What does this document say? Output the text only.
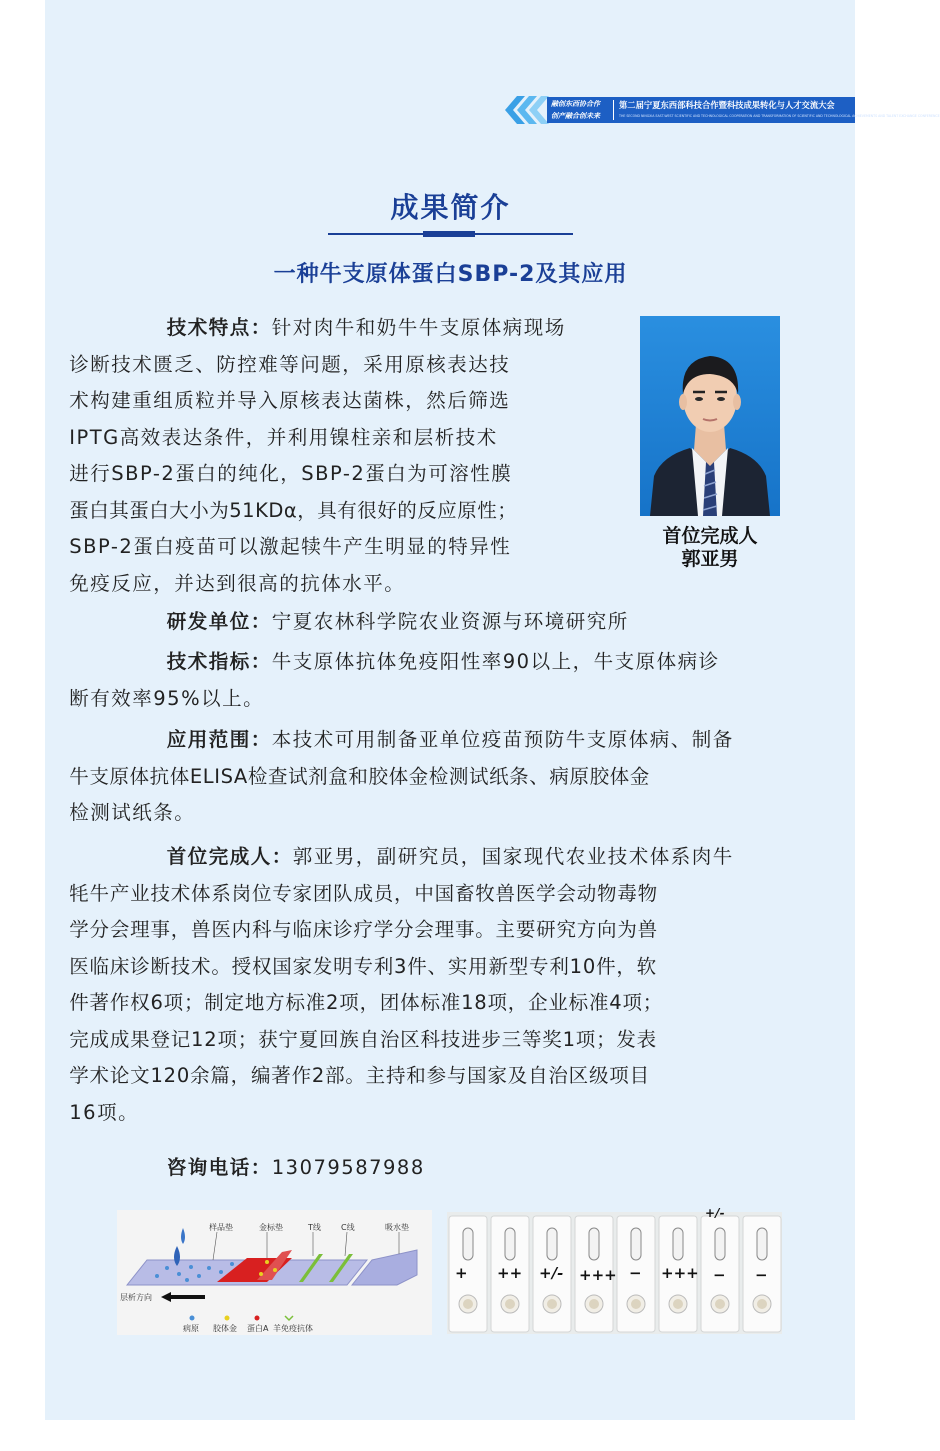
融创东西协合作
创产融合创未来
第二届宁夏东西部科技合作暨科技成果转化与人才交流大会
THE SECOND NINGXIA EAST-WEST SCIENTIFIC AND TECHNOLOGICAL COOPERATION AND TRANSFORMATION OF SCIENTIFIC AND TECHNOLOGICAL ACHIEVEMENTS AND TALENT EXCHANGE CONFERENCE
成果简介
一种牛支原体蛋白SBP-2及其应用
技术特点：针对肉牛和奶牛牛支原体病现场
诊断技术匮乏、防控难等问题，采用原核表达技
术构建重组质粒并导入原核表达菌株，然后筛选
IPTG高效表达条件，并利用镍柱亲和层析技术
进行SBP-2蛋白的纯化，SBP-2蛋白为可溶性膜
蛋白其蛋白大小为51KDα，具有很好的反应原性；
SBP-2蛋白疫苗可以激起犊牛产生明显的特异性
免疫反应，并达到很高的抗体水平。
首位完成人
郭亚男
研发单位：宁夏农林科学院农业资源与环境研究所
技术指标：牛支原体抗体免疫阳性率90以上，牛支原体病诊
断有效率95%以上。
应用范围：本技术可用制备亚单位疫苗预防牛支原体病、制备
牛支原体抗体ELISA检查试剂盒和胶体金检测试纸条、病原胶体金
检测试纸条。
首位完成人：郭亚男，副研究员，国家现代农业技术体系肉牛
牦牛产业技术体系岗位专家团队成员，中国畜牧兽医学会动物毒物
学分会理事，兽医内科与临床诊疗学分会理事。主要研究方向为兽
医临床诊断技术。授权国家发明专利3件、实用新型专利10件，软
件著作权6项；制定地方标准2项，团体标准18项，企业标准4项；
完成成果登记12项；获宁夏回族自治区科技进步三等奖1项；发表
学术论文120余篇，编著作2部。主持和参与国家及自治区级项目
16项。
咨询电话：13079587988
样品垫	金标垫	T线	C线	吸水垫
层析方向
病原 胶体金 蛋白A 羊免疫抗体
+ ++ +/- +++ − +++ − −
+/-
